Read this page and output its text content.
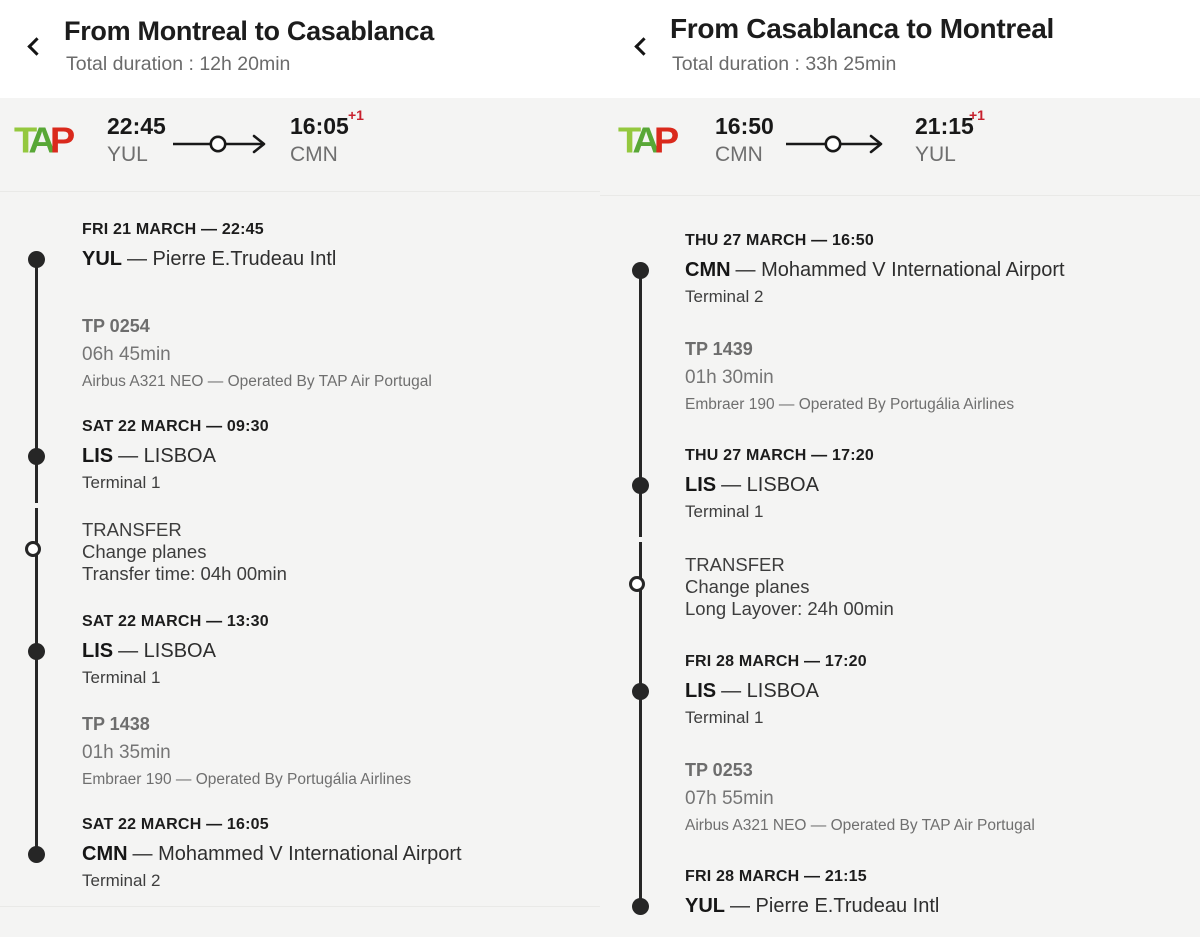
FRI 21 MARCH — 22:45
YUL — Pierre E.Trudeau Intl
TP 0254
06h 45min
Airbus A321 NEO — Operated By TAP Air Portugal
SAT 22 MARCH — 09:30
LIS — LISBOA
Terminal 1
TRANSFER
Change planes
Transfer time: 04h 00min
SAT 22 MARCH — 13:30
LIS — LISBOA
Terminal 1
TP 1438
01h 35min
Embraer 190 — Operated By Portugália Airlines
SAT 22 MARCH — 16:05
CMN — Mohammed V International Airport
Terminal 2
TAP 22:45
YUL
16:05 +1
CMN
From Montreal to Casablanca
Total duration : 12h 20min
THU 27 MARCH — 16:50
CMN — Mohammed V International Airport
Terminal 2
TP 1439
01h 30min
Embraer 190 — Operated By Portugália Airlines
THU 27 MARCH — 17:20
LIS — LISBOA
Terminal 1
TRANSFER
Change planes
Long Layover: 24h 00min
FRI 28 MARCH — 17:20
LIS — LISBOA
Terminal 1
TP 0253
07h 55min
Airbus A321 NEO — Operated By TAP Air Portugal
FRI 28 MARCH — 21:15
YUL — Pierre E.Trudeau Intl
TAP 16:50
CMN
21:15
+1
YUL
From Casablanca to Montreal
Total duration : 33h 25min
